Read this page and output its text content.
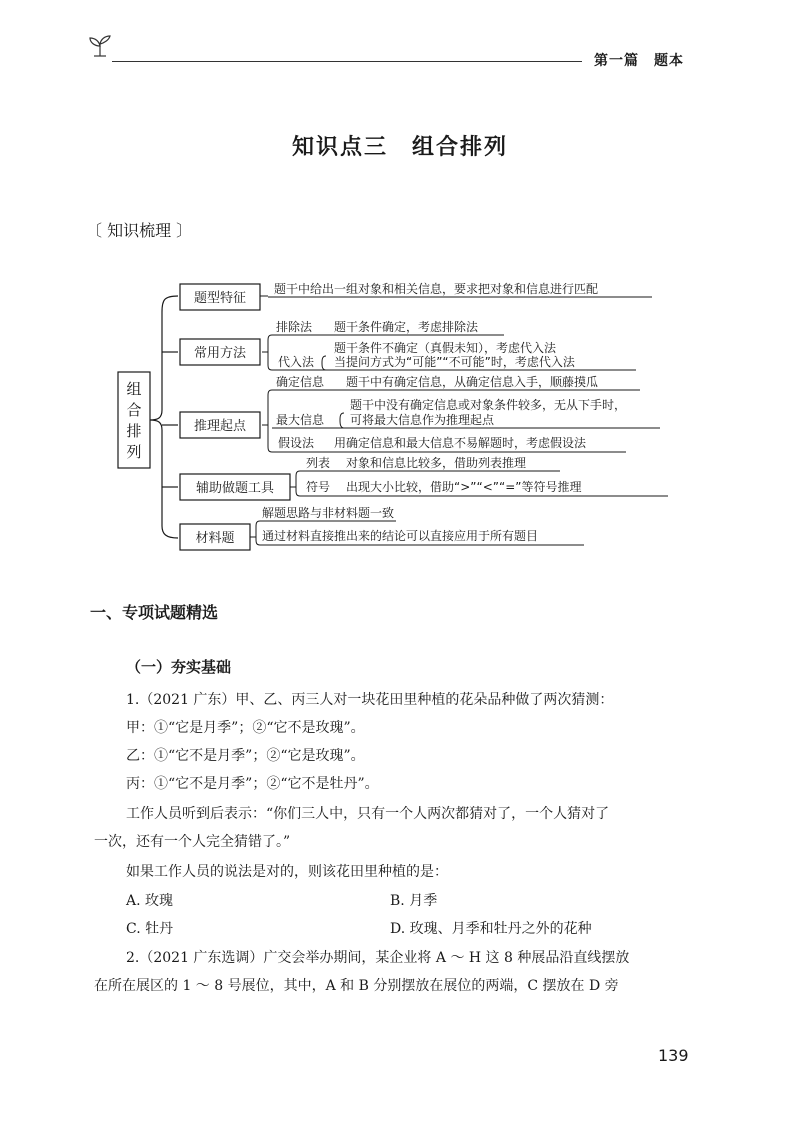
第一篇　题本
知识点三　组合排列
〔 知识梳理 〕
组
合
排
列
题型特征
题干中给出一组对象和相关信息，要求把对象和信息进行匹配
常用方法
排除法 题干条件确定，考虑排除法
代入法
题干条件不确定（真假未知），考虑代入法
当提问方式为“可能”“不可能”时，考虑代入法
推理起点
确定信息 题干中有确定信息，从确定信息入手，顺藤摸瓜
最大信息
题干中没有确定信息或对象条件较多，无从下手时，
可将最大信息作为推理起点
假设法 用确定信息和最大信息不易解题时，考虑假设法
辅助做题工具
列表 对象和信息比较多，借助列表推理
符号 出现大小比较，借助“>”“<”“=”等符号推理
材料题
解题思路与非材料题一致
通过材料直接推出来的结论可以直接应用于所有题目
一、专项试题精选
（一）夯实基础
1.（2021 广东）甲、乙、丙三人对一块花田里种植的花朵品种做了两次猜测：
甲：①“它是月季”；②“它不是玫瑰”。
乙：①“它不是月季”；②“它是玫瑰”。
丙：①“它不是月季”；②“它不是牡丹”。
工作人员听到后表示：“你们三人中，只有一个人两次都猜对了，一个人猜对了
一次，还有一个人完全猜错了。”
如果工作人员的说法是对的，则该花田里种植的是：
A. 玫瑰	B. 月季
C. 牡丹	D. 玫瑰、月季和牡丹之外的花种
2.（2021 广东选调）广交会举办期间，某企业将 A ～ H 这 8 种展品沿直线摆放
在所在展区的 1 ～ 8 号展位，其中，A 和 B 分别摆放在展位的两端，C 摆放在 D 旁
139
